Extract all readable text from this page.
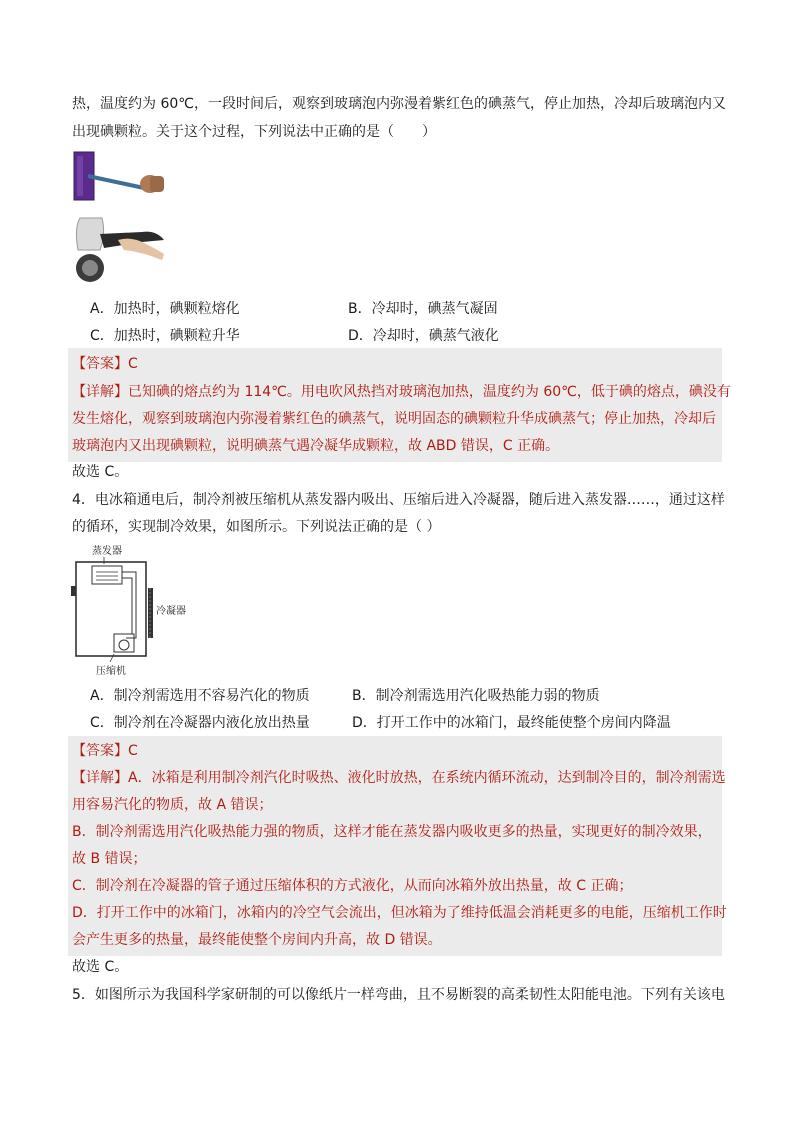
热，温度约为 60℃，一段时间后，观察到玻璃泡内弥漫着紫红色的碘蒸气，停止加热，冷却后玻璃泡内又
出现碘颗粒。关于这个过程，下列说法中正确的是（　　）
A．加热时，碘颗粒熔化	B．冷却时，碘蒸气凝固
C．加热时，碘颗粒升华	D．冷却时，碘蒸气液化
【答案】C
【详解】已知碘的熔点约为 114℃。用电吹风热挡对玻璃泡加热，温度约为 60℃，低于碘的熔点，碘没有
发生熔化，观察到玻璃泡内弥漫着紫红色的碘蒸气，说明固态的碘颗粒升华成碘蒸气；停止加热，冷却后
玻璃泡内又出现碘颗粒，说明碘蒸气遇冷凝华成颗粒，故 ABD 错误，C 正确。
故选 C。
4．电冰箱通电后，制冷剂被压缩机从蒸发器内吸出、压缩后进入冷凝器，随后进入蒸发器……，通过这样
的循环，实现制冷效果，如图所示。下列说法正确的是（ ）
蒸发器
冷凝器
压缩机
A．制冷剂需选用不容易汽化的物质	B．制冷剂需选用汽化吸热能力弱的物质
C．制冷剂在冷凝器内液化放出热量	D．打开工作中的冰箱门，最终能使整个房间内降温
【答案】C
【详解】A．冰箱是利用制冷剂汽化时吸热、液化时放热，在系统内循环流动，达到制冷目的，制冷剂需选
用容易汽化的物质，故 A 错误；
B．制冷剂需选用汽化吸热能力强的物质，这样才能在蒸发器内吸收更多的热量，实现更好的制冷效果，
故 B 错误；
C．制冷剂在冷凝器的管子通过压缩体积的方式液化，从而向冰箱外放出热量，故 C 正确；
D．打开工作中的冰箱门，冰箱内的冷空气会流出，但冰箱为了维持低温会消耗更多的电能，压缩机工作时
会产生更多的热量，最终能使整个房间内升高，故 D 错误。
故选 C。
5．如图所示为我国科学家研制的可以像纸片一样弯曲，且不易断裂的高柔韧性太阳能电池。下列有关该电
